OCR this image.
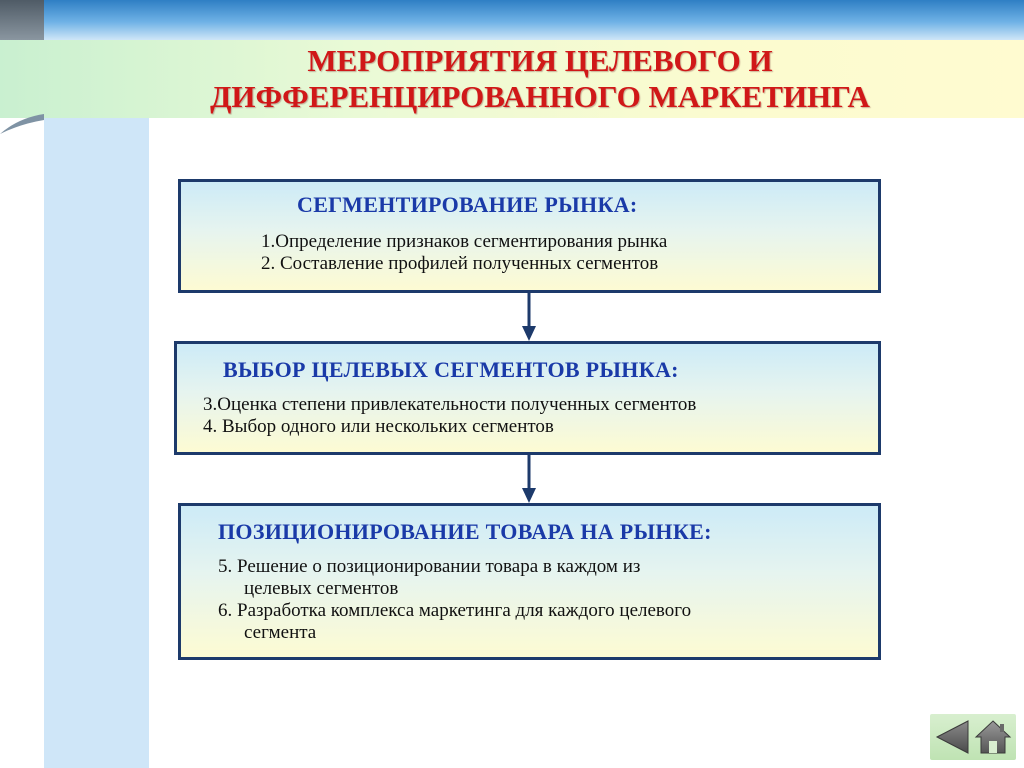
МЕРОПРИЯТИЯ ЦЕЛЕВОГО И
ДИФФЕРЕНЦИРОВАННОГО МАРКЕТИНГА
СЕГМЕНТИРОВАНИЕ РЫНКА:
1.Определение признаков сегментирования рынка
2. Составление профилей полученных сегментов
ВЫБОР ЦЕЛЕВЫХ СЕГМЕНТОВ РЫНКА:
3.Оценка степени привлекательности полученных сегментов
4. Выбор одного или нескольких сегментов
ПОЗИЦИОНИРОВАНИЕ ТОВАРА НА РЫНКЕ:
5. Решение о позиционировании товара в каждом из
целевых сегментов
6. Разработка комплекса маркетинга для каждого целевого
сегмента
